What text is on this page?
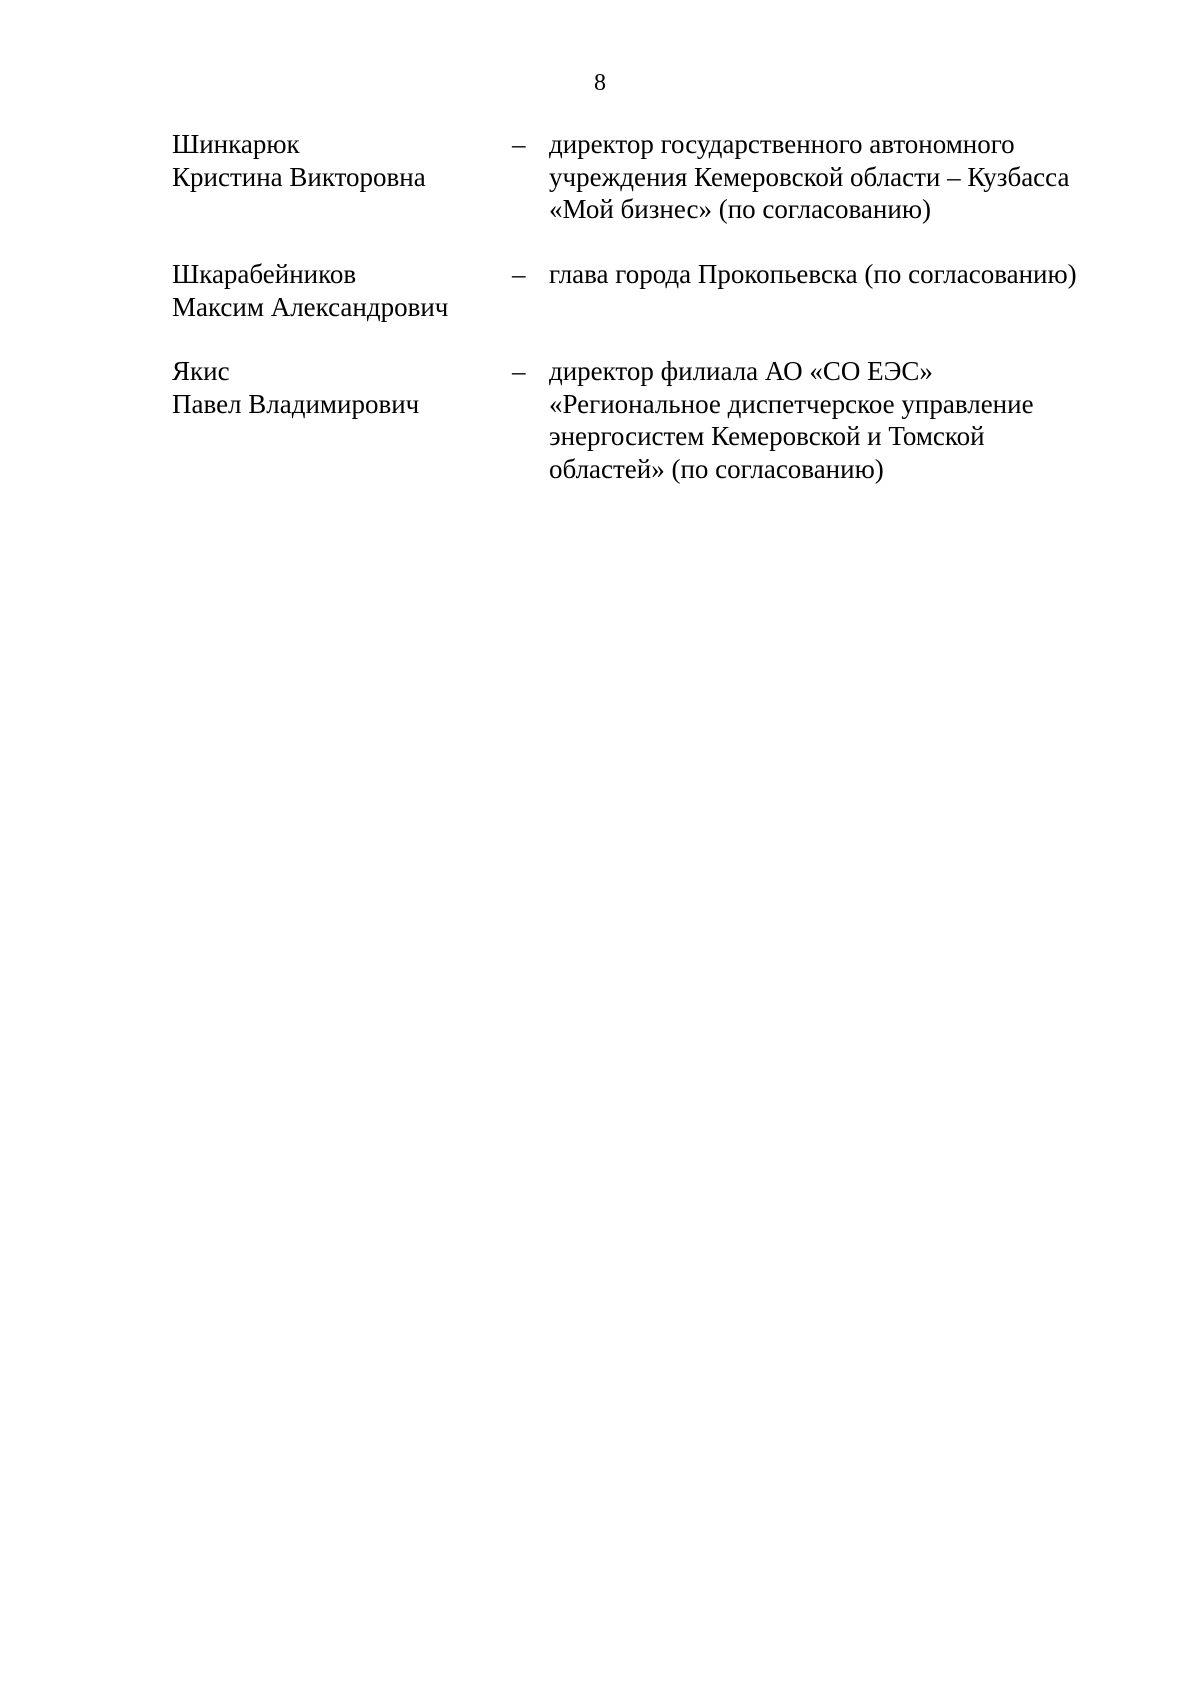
8
Шинкарюк
Кристина Викторовна
– директор государственного автономного
учреждения Кемеровской области – Кузбасса
«Мой бизнес» (по согласованию)
Шкарабейников
Максим Александрович
– глава города Прокопьевска (по согласованию)
Якис
Павел Владимирович
– директор филиала АО «СО ЕЭС»
«Региональное диспетчерское управление
энергосистем Кемеровской и Томской
областей» (по согласованию)
